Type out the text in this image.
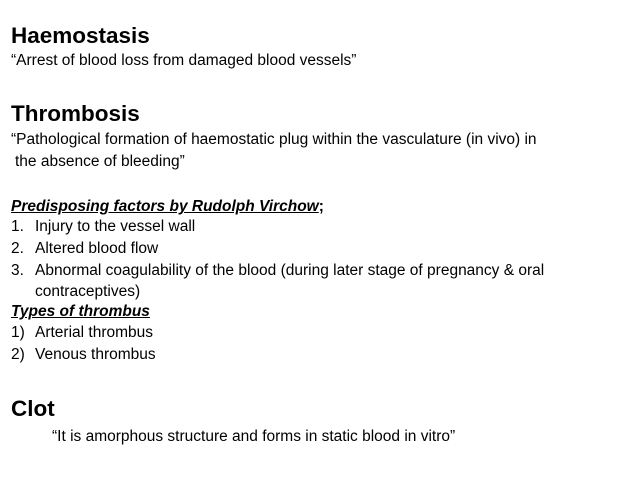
Haemostasis
“Arrest of blood loss from damaged blood vessels”
Thrombosis
“Pathological formation of haemostatic plug within the vasculature (in vivo) in
the absence of bleeding”
Predisposing factors by Rudolph Virchow;
1. Injury to the vessel wall
2. Altered blood flow
3. Abnormal coagulability of the blood (during later stage of pregnancy & oral
contraceptives)
Types of thrombus
1) Arterial thrombus
2) Venous thrombus
Clot
“It is amorphous structure and forms in static blood in vitro”
